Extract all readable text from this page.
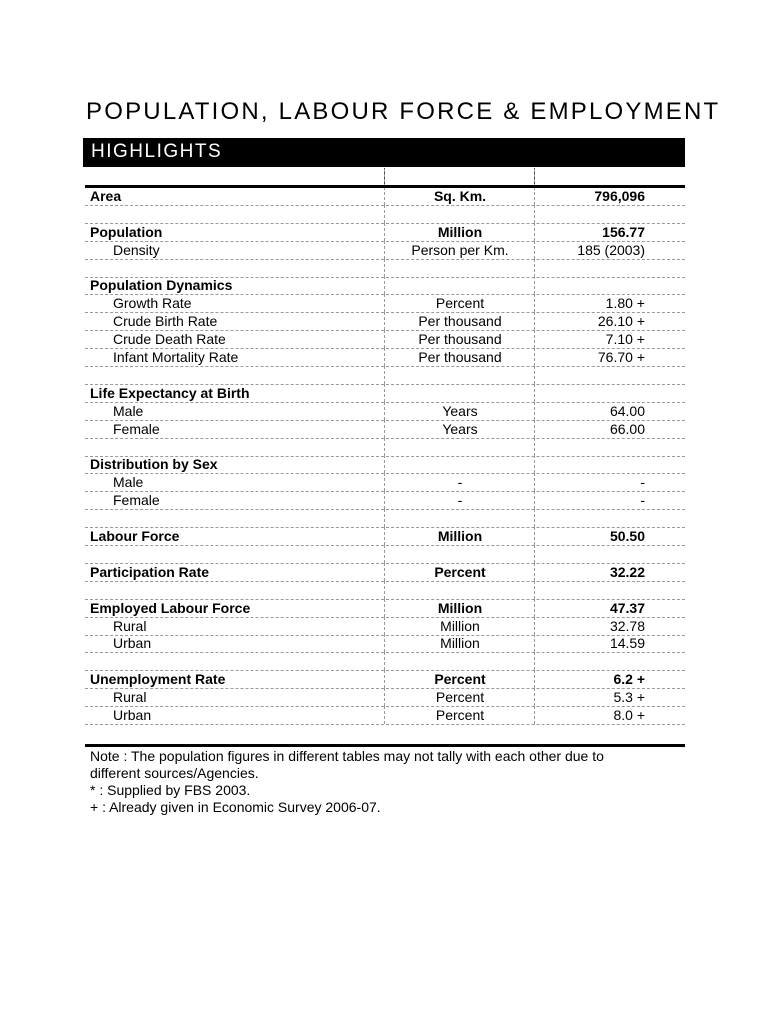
POPULATION, LABOUR FORCE & EMPLOYMENT
HIGHLIGHTS
Area	Sq. Km.	796,096
Population	Million	156.77
Density	Person per Km.	185 (2003)
Population Dynamics
Growth Rate	Percent	1.80 +
Crude Birth Rate	Per thousand	26.10 +
Crude Death Rate	Per thousand	7.10 +
Infant Mortality Rate	Per thousand	76.70 +
Life Expectancy at Birth
Male	Years	64.00
Female	Years	66.00
Distribution by Sex
Male	-	-
Female	-	-
Labour Force	Million	50.50
Participation Rate	Percent	32.22
Employed Labour Force	Million	47.37
Rural	Million	32.78
Urban	Million	14.59
Unemployment Rate	Percent	6.2 +
Rural	Percent	5.3 +
Urban	Percent	8.0 +
Note : The population figures in different tables may not tally with each other due to
different sources/Agencies.
* : Supplied by FBS 2003.
+ : Already given in Economic Survey 2006-07.
